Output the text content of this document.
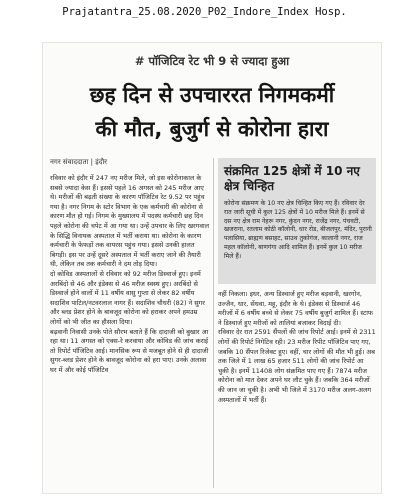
Prajatantra_25.08.2020_P02_Indore_Index Hosp.
# पॉजिटिव रेट भी 9 से ज्यादा हुआ
छह दिन से उपचाररत निगमकर्मी
की मौत, बुजुर्ग से कोरोना हारा
नगर संवाददाता | इंदौर

रविवार को इंदौर में 247 नए मरीज मिले, जो इस कोरोनाकाल के सबसे ज्यादा केस हैं। इससे पहले 16 अगस्त को 245 मरीज आए थे। मरीजों की बढ़ती संख्या के कारण पॉजिटिव रेट 9.52 पर पहुंच गया है। नगर निगम के स्टोर विभाग के एक कर्मचारी की कोरोना से कारण मौत हो गई। निगम के मुख्यालय में पदस्थ कर्मचारी छह दिन पहले कोरोना की चपेट में आ गया था। उन्हें उपचार के लिए खरगवाल के सिद्धि विनायक अस्पताल में भर्ती कराया था। कोरोना के कारण कर्मचारी के फेफड़ों तक वायरस पहुंच गया। इससे उनकी हालत बिगड़ी। इस पर उन्हें दूसरे अस्पताल में भर्ती कराए जाने की तैयारी थी, लेकिन तब तक कर्मचारी ने दम तोड़ दिया।

दो कोविड अस्पतालों से रविवार को 92 मरीज डिस्चार्ज हुए। इनमें अरबिंदो से 46 और इंडेक्स से 46 मरीज स्वस्थ हुए। अरबिंदो से डिस्चार्ज होने वालों में 11 वर्षीय वासु गुप्ता से लेकर 82 वर्षीय सदाशिव पाटिल/नटवरलाल नागर हैं। सदाशिव चौधरी (82) ने सुगर और ब्लड प्रेशर होने के बावजूद कोरोना को हराकर अपने हमउम्र लोगों को भी जीत का हौसला दिया।

बढ़वानी निवासी उनके पोते सौरभ बताते हैं कि दादाजी को बुखार आ रहा था। 11 अगस्त को एक्स-रे करवाया और कोविड की जांच कराई तो रिपोर्ट पॉजिटिव आई। मानसिक रूप से मजबूत होने से ही दादाजी सुगर-ब्लड प्रेशर होने के बावजूद कोरोना को हरा पाए। उनके अलावा घर में और कोई पॉजिटिव

संक्रमित 125 क्षेत्रों में 10 नए क्षेत्र चिन्हित
कोरोना संक्रमण के 10 नए क्षेत्र चिन्हित किए गए हैं। रविवार देर रात जारी सूची में कुल 125 क्षेत्रों में 10 मरीज मिले हैं। इनमें से दस नए क्षेत्र राम नेहरू नगर, कुंदन नगर, राजेंद्र नगर, पंचवटी, खजराना, रतलाम कोठी कॉलोनी, धार रोड, बीजलपुर, मंदिर, पुरानी पलासिया, ब्राह्मण बसाहट, साउथ तुकोगंज, कालानी नगर, राज महल कॉलोनी, बाणगंगा आदि शामिल हैं। इनमें कुल 10 मरीज मिले हैं।

नहीं निकला। इधर, अन्य डिस्चार्ज हुए मरीज बड़वानी, खरगोन, उज्जैन, धार, सेंधवा, महू, इंदौर के थे। इंडेक्स से डिस्चार्ज 46 मरीजों में 6 वर्षीय बच्चे से लेकर 75 वर्षीय बुजुर्ग शामिल हैं। स्टाफ ने डिस्चार्ज हुए मरीजों को तालियां बजाकर विदाई दी।

रविवार देर रात 2591 सैंपलों की जांच रिपोर्ट आई। इनमें से 2311 लोगों की रिपोर्ट निगेटिव रही। 23 मरीज रिपीट पॉजिटिव पाए गए, जबकि 10 सैंपल रिजेक्ट हुए। वहीं, चार लोगों की मौत भी हुई। अब तक जिले में 1 लाख 65 हजार 511 लोगों की जांच रिपोर्ट आ चुकी है। इनमें 11408 लोग संक्रमित पाए गए हैं। 7874 मरीज कोरोना को मात देकर अपने घर लौट चुके हैं। जबकि 364 मरीजों की जान जा चुकी है। अभी भी जिले में 3170 मरीज अलग-अलग अस्पतालों में भर्ती हैं।
